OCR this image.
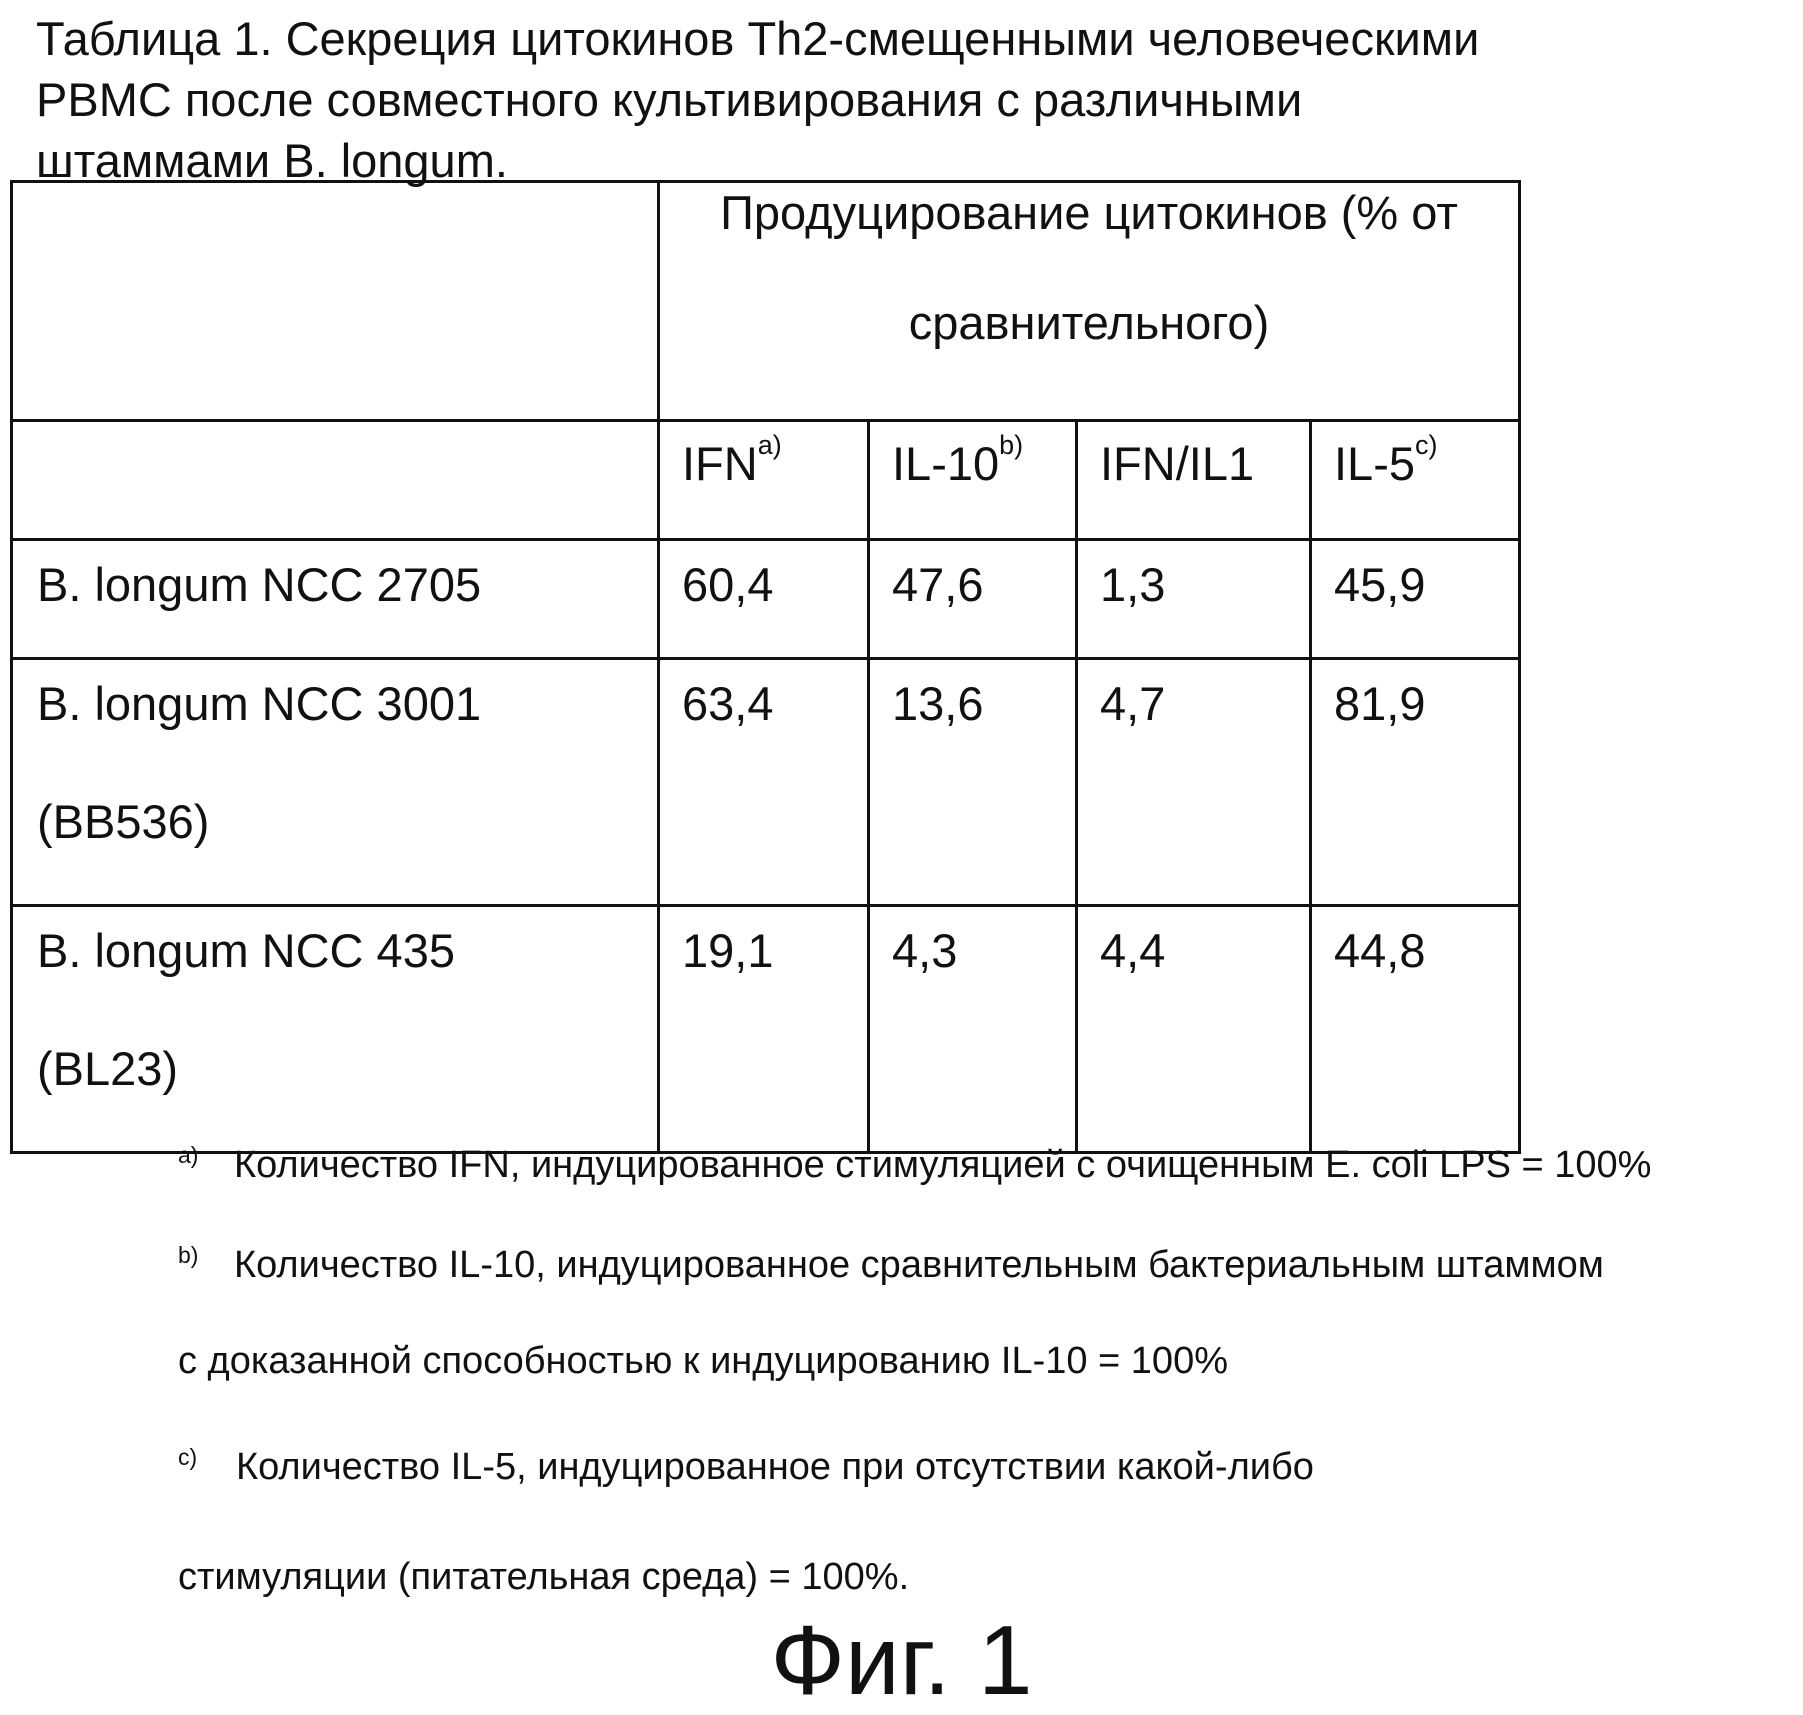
Таблица 1. Секреция цитокинов Th2-смещенными человеческими
PBMC после совместного культивирования с различными
штаммами B. longum.

	Продуцирование цитокинов (% от
сравнительного)			

	IFN$^{a)}$	IL-10$^{b)}$	IFN/IL1	IL-5$^{c)}$

B. longum NCC 2705	60,4	47,6	1,3	45,9

B. longum NCC 3001
(BB536)	63,4	13,6	4,7	81,9

B. longum NCC 435
(BL23)	19,1	4,3	4,4	44,8
a) Количество IFN, индуцированное стимуляцией с очищенным E. coli LPS = 100%
b) Количество IL-10, индуцированное сравнительным бактериальным штаммом
с доказанной способностью к индуцированию IL-10 = 100%
c) Количество IL-5, индуцированное при отсутствии какой-либо
стимуляции (питательная среда) = 100%.
Фиг. 1
